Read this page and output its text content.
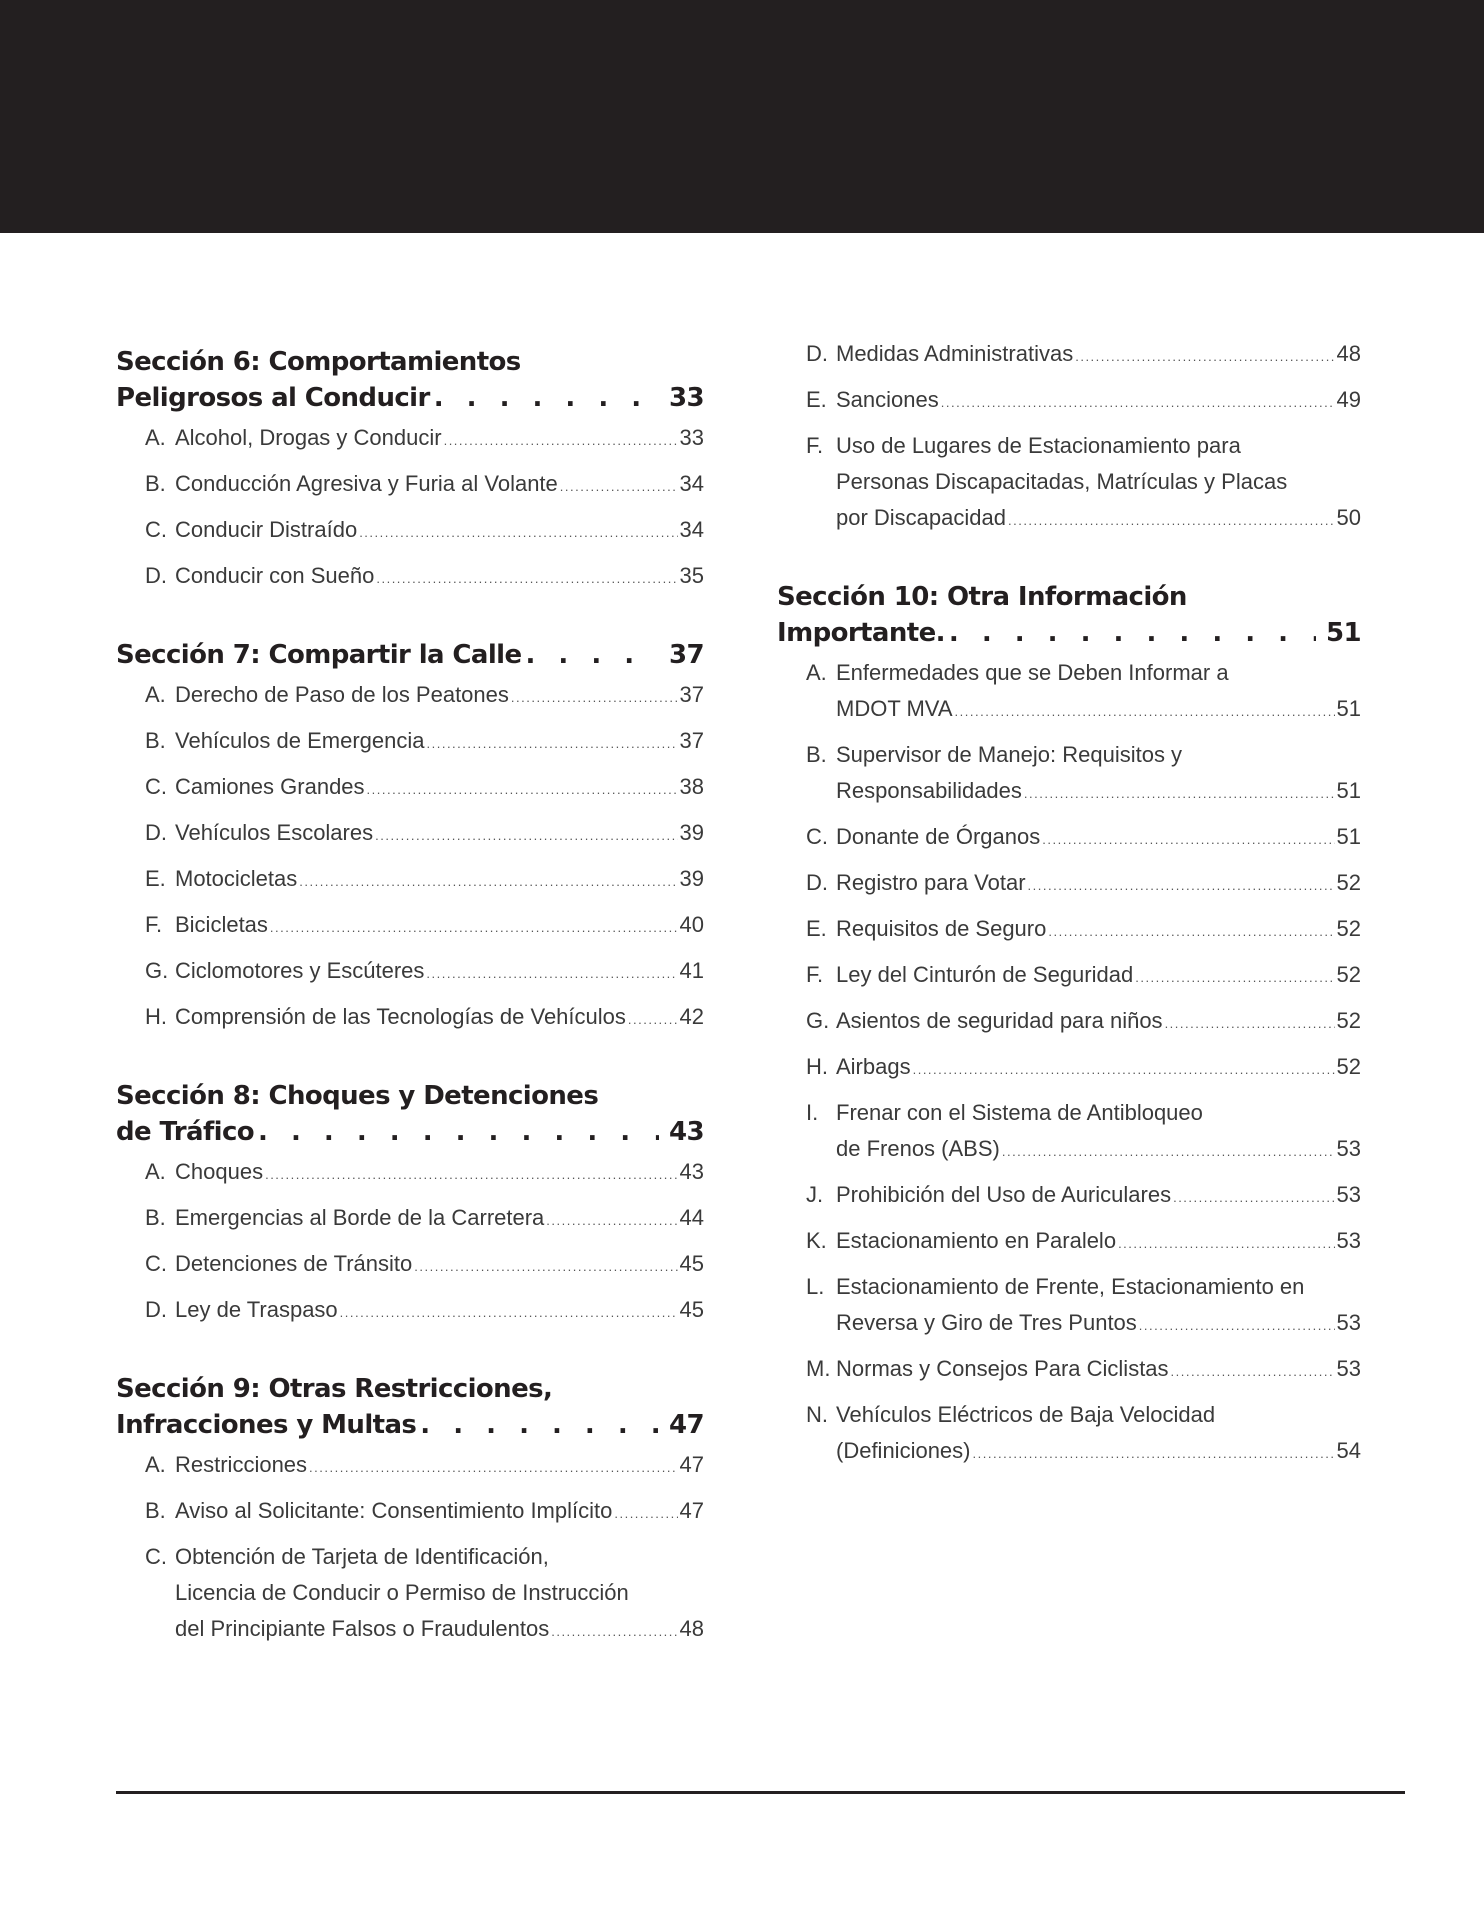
Sección 6: Comportamientos
Peligrosos al Conducir . . .	33
A. Alcohol, Drogas y Conducir .....	33
B. Conducción Agresiva y Furia al Volante .....	34
C. Conducir Distraído .....	34
D. Conducir con Sueño .....	35
Sección 7: Compartir la Calle . . .	37
A. Derecho de Paso de los Peatones .....	37
B. Vehículos de Emergencia .....	37
C. Camiones Grandes .....	38
D. Vehículos Escolares .....	39
E. Motocicletas .....	39
F. Bicicletas .....	40
G. Ciclomotores y Escúteres .....	41
H. Comprensión de las Tecnologías de Vehículos ..... 42
Sección 8: Choques y Detenciones
de Tráfico . . .	43
A. Choques .....	43
B. Emergencias al Borde de la Carretera .....	44
C. Detenciones de Tránsito .....	45
D. Ley de Traspaso .....	45
Sección 9: Otras Restricciones,
Infracciones y Multas . . .	47
A. Restricciones .....	47
B. Aviso al Solicitante: Consentimiento Implícito .....	47
C. Obtención de Tarjeta de Identificación,
Licencia de Conducir o Permiso de Instrucción
del Principiante Falsos o Fraudulentos .....	48
D. Medidas Administrativas .....	48
E. Sanciones .....	49
F. Uso de Lugares de Estacionamiento para
Personas Discapacitadas, Matrículas y Placas
por Discapacidad .....	50
Sección 10: Otra Información
Importante. . . .	51
A. Enfermedades que se Deben Informar a
MDOT MVA .....	51
B. Supervisor de Manejo: Requisitos y
Responsabilidades .....	51
C. Donante de Órganos .....	51
D. Registro para Votar .....	52
E. Requisitos de Seguro .....	52
F. Ley del Cinturón de Seguridad .....	52
G. Asientos de seguridad para niños .....	52
H. Airbags .....	52
I. Frenar con el Sistema de Antibloqueo
de Frenos (ABS) .....	53
J. Prohibición del Uso de Auriculares .....	53
K. Estacionamiento en Paralelo .....	53
L. Estacionamiento de Frente, Estacionamiento en
Reversa y Giro de Tres Puntos .....	53
M. Normas y Consejos Para Ciclistas .....	53
N. Vehículos Eléctricos de Baja Velocidad
(Definiciones) .....	54
